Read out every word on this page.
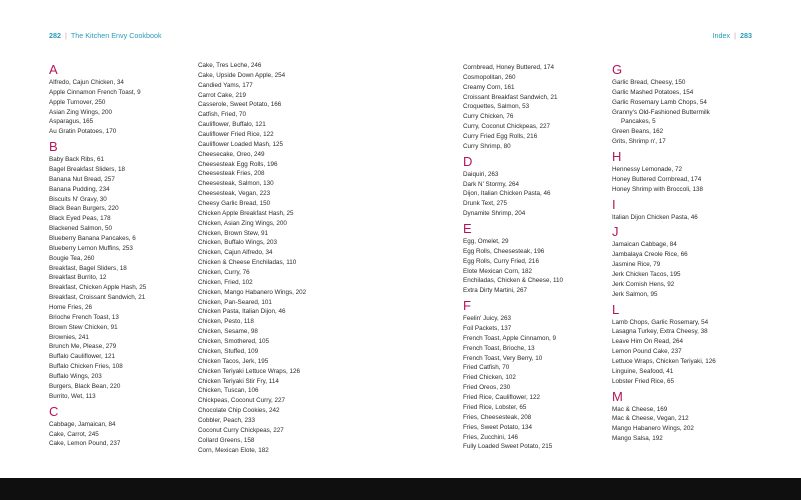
282 | The Kitchen Envy Cookbook	Index | 283
A
Alfredo, Cajun Chicken, 34
Apple Cinnamon French Toast, 9
Apple Turnover, 250
Asian Zing Wings, 200
Asparagus, 165
Au Gratin Potatoes, 170
B
Baby Back Ribs, 61
Bagel Breakfast Sliders, 18
Banana Nut Bread, 257
Banana Pudding, 234
Biscuits N' Gravy, 30
Black Bean Burgers, 220
Black Eyed Peas, 178
Blackened Salmon, 50
Blueberry Banana Pancakes, 6
Blueberry Lemon Muffins, 253
Bougie Tea, 260
Breakfast, Bagel Sliders, 18
Breakfast Burrito, 12
Breakfast, Chicken Apple Hash, 25
Breakfast, Croissant Sandwich, 21
Home Fries, 26
Brioche French Toast, 13
Brown Stew Chicken, 91
Brownies, 241
Brunch Me, Please, 279
Buffalo Cauliflower, 121
Buffalo Chicken Fries, 108
Buffalo Wings, 203
Burgers, Black Bean, 220
Burrito, Wet, 113
C
Cabbage, Jamaican, 84
Cake, Carrot, 245
Cake, Lemon Pound, 237
Cake, Tres Leche, 246
Cake, Upside Down Apple, 254
Candied Yams, 177
Carrot Cake, 219
Casserole, Sweet Potato, 166
Catfish, Fried, 70
Cauliflower, Buffalo, 121
Cauliflower Fried Rice, 122
Cauliflower Loaded Mash, 125
Cheesecake, Oreo, 249
Cheesesteak Egg Rolls, 196
Cheesesteak Fries, 208
Cheesesteak, Salmon, 130
Cheesesteak, Vegan, 223
Cheesy Garlic Bread, 150
Chicken Apple Breakfast Hash, 25
Chicken, Asian Zing Wings, 200
Chicken, Brown Stew, 91
Chicken, Buffalo Wings, 203
Chicken, Cajun Alfredo, 34
Chicken & Cheese Enchiladas, 110
Chicken, Curry, 76
Chicken, Fried, 102
Chicken, Mango Habanero Wings, 202
Chicken, Pan-Seared, 101
Chicken Pasta, Italian Dijon, 46
Chicken, Pesto, 118
Chicken, Sesame, 98
Chicken, Smothered, 105
Chicken, Stuffed, 109
Chicken Tacos, Jerk, 195
Chicken Teriyaki Lettuce Wraps, 126
Chicken Teriyaki Stir Fry, 114
Chicken, Tuscan, 106
Chickpeas, Coconut Curry, 227
Chocolate Chip Cookies, 242
Cobbler, Peach, 233
Coconut Curry Chickpeas, 227
Collard Greens, 158
Corn, Mexican Elote, 182
Cornbread, Honey Buttered, 174
Cosmopolitan, 260
Creamy Corn, 161
Croissant Breakfast Sandwich, 21
Croquettes, Salmon, 53
Curry Chicken, 76
Curry, Coconut Chickpeas, 227
Curry Fried Egg Rolls, 216
Curry Shrimp, 80
D
Daiquiri, 263
Dark N' Stormy, 264
Dijon, Italian Chicken Pasta, 46
Drunk Text, 275
Dynamite Shrimp, 204
E
Egg, Omelet, 29
Egg Rolls, Cheesesteak, 196
Egg Rolls, Curry Fried, 216
Elote Mexican Corn, 182
Enchiladas, Chicken & Cheese, 110
Extra Dirty Martini, 267
F
Feelin' Juicy, 263
Foil Packets, 137
French Toast, Apple Cinnamon, 9
French Toast, Brioche, 13
French Toast, Very Berry, 10
Fried Catfish, 70
Fried Chicken, 102
Fried Oreos, 230
Fried Rice, Cauliflower, 122
Fried Rice, Lobster, 65
Fries, Cheesesteak, 208
Fries, Sweet Potato, 134
Fries, Zucchini, 146
Fully Loaded Sweet Potato, 215
G
Garlic Bread, Cheesy, 150
Garlic Mashed Potatoes, 154
Garlic Rosemary Lamb Chops, 54
Granny's Old-Fashioned Buttermilk
Pancakes, 5
Green Beans, 162
Grits, Shrimp n', 17
H
Hennessy Lemonade, 72
Honey Buttered Cornbread, 174
Honey Shrimp with Broccoli, 138
I
Italian Dijon Chicken Pasta, 46
J
Jamaican Cabbage, 84
Jambalaya Creole Rice, 66
Jasmine Rice, 79
Jerk Chicken Tacos, 195
Jerk Cornish Hens, 92
Jerk Salmon, 95
L
Lamb Chops, Garlic Rosemary, 54
Lasagna Turkey, Extra Cheesy, 38
Leave Him On Read, 264
Lemon Pound Cake, 237
Lettuce Wraps, Chicken Teriyaki, 126
Linguine, Seafood, 41
Lobster Fried Rice, 65
M
Mac & Cheese, 169
Mac & Cheese, Vegan, 212
Mango Habanero Wings, 202
Mango Salsa, 192
